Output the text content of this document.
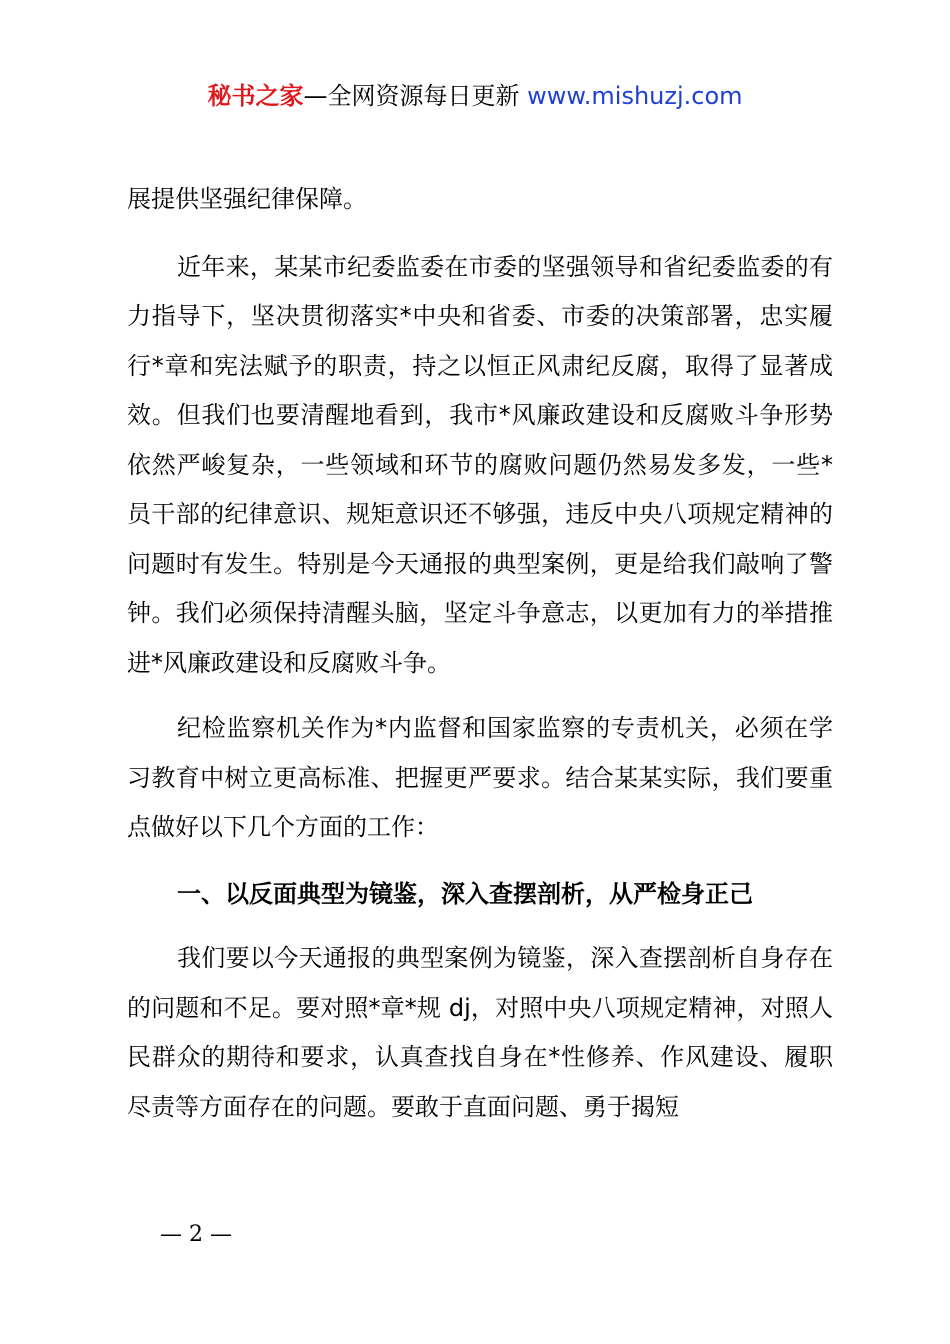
秘书之家—全网资源每日更新 www.mishuzj.com

展提供坚强纪律保障。

近年来，某某市纪委监委在市委的坚强领导和省纪委监委的有力指导下，坚决贯彻落实*中央和省委、市委的决策部署，忠实履行*章和宪法赋予的职责，持之以恒正风肃纪反腐，取得了显著成效。但我们也要清醒地看到，我市*风廉政建设和反腐败斗争形势依然严峻复杂，一些领域和环节的腐败问题仍然易发多发，一些*员干部的纪律意识、规矩意识还不够强，违反中央八项规定精神的问题时有发生。特别是今天通报的典型案例，更是给我们敲响了警钟。我们必须保持清醒头脑，坚定斗争意志，以更加有力的举措推进*风廉政建设和反腐败斗争。

纪检监察机关作为*内监督和国家监察的专责机关，必须在学习教育中树立更高标准、把握更严要求。结合某某实际，我们要重点做好以下几个方面的工作：

一、以反面典型为镜鉴，深入查摆剖析，从严检身正己

我们要以今天通报的典型案例为镜鉴，深入查摆剖析自身存在的问题和不足。要对照*章*规 dj，对照中央八项规定精神，对照人民群众的期待和要求，认真查找自身在*性修养、作风建设、履职尽责等方面存在的问题。要敢于直面问题、勇于揭短

— 2 —
